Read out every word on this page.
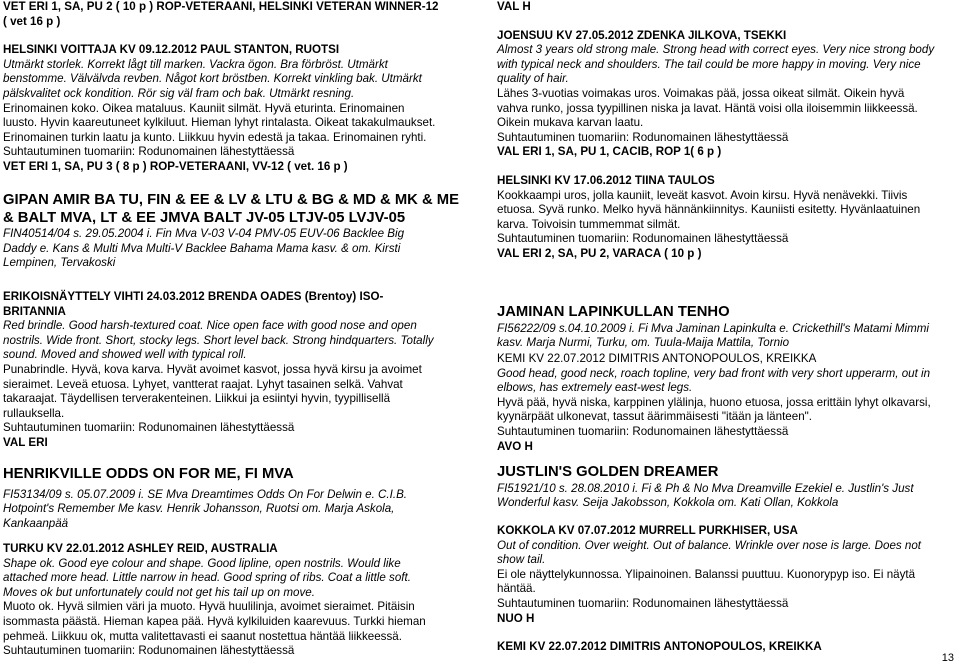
VET ERI 1, SA, PU 2 ( 10 p ) ROP-VETERAANI, HELSINKI VETERAN WINNER-12

( vet 16 p )

HELSINKI VOITTAJA KV 09.12.2012 PAUL STANTON, RUOTSI

Utmärkt storlek. Korrekt lågt till marken. Vackra ögon. Bra förbröst. Utmärkt

benstomme. Välvälvda revben. Något kort bröstben. Korrekt vinkling bak. Utmärkt

pälskvalitet ock kondition. Rör sig väl fram och bak. Utmärkt resning.

Erinomainen koko. Oikea mataluus. Kauniit silmät. Hyvä eturinta. Erinomainen

luusto. Hyvin kaareutuneet kylkiluut. Hieman lyhyt rintalasta. Oikeat takakulmaukset.

Erinomainen turkin laatu ja kunto. Liikkuu hyvin edestä ja takaa. Erinomainen ryhti.

Suhtautuminen tuomariin: Rodunomainen lähestyttäessä

VET ERI 1, SA, PU 3 ( 8 p ) ROP-VETERAANI, VV-12 ( vet. 16 p )

GIPAN AMIR BA TU, FIN & EE & LV & LTU & BG & MD & MK & ME

& BALT MVA, LT & EE JMVA BALT JV-05 LTJV-05 LVJV-05

FIN40514/04 s. 29.05.2004 i. Fin Mva V-03 V-04 PMV-05 EUV-06 Backlee Big

Daddy e. Kans & Multi Mva Multi-V Backlee Bahama Mama kasv. & om. Kirsti

Lempinen, Tervakoski

ERIKOISNÄYTTELY VIHTI 24.03.2012 BRENDA OADES (Brentoy) ISO-

BRITANNIA

Red brindle. Good harsh-textured coat. Nice open face with good nose and open

nostrils. Wide front. Short, stocky legs. Short level back. Strong hindquarters. Totally

sound. Moved and showed well with typical roll.

Punabrindle. Hyvä, kova karva. Hyvät avoimet kasvot, jossa hyvä kirsu ja avoimet

sieraimet. Leveä etuosa. Lyhyet, vantterat raajat. Lyhyt tasainen selkä. Vahvat

takaraajat. Täydellisen terverakenteinen. Liikkui ja esiintyi hyvin, tyypillisellä

rullauksella.

Suhtautuminen tuomariin: Rodunomainen lähestyttäessä

VAL ERI

HENRIKVILLE ODDS ON FOR ME, FI MVA

FI53134/09 s. 05.07.2009 i. SE Mva Dreamtimes Odds On For Delwin e. C.I.B.

Hotpoint's Remember Me kasv. Henrik Johansson, Ruotsi om. Marja Askola,

Kankaanpää

TURKU KV 22.01.2012 ASHLEY REID, AUSTRALIA

Shape ok. Good eye colour and shape. Good lipline, open nostrils. Would like

attached more head. Little narrow in head. Good spring of ribs. Coat a little soft.

Moves ok but unfortunately could not get his tail up on move.

Muoto ok. Hyvä silmien väri ja muoto. Hyvä huulilinja, avoimet sieraimet. Pitäisin

isommasta päästä. Hieman kapea pää. Hyvä kylkiluiden kaarevuus. Turkki hieman

pehmeä. Liikkuu ok, mutta valitettavasti ei saanut nostettua häntää liikkeessä.

Suhtautuminen tuomariin: Rodunomainen lähestyttäessä

VAL H

JOENSUU KV 27.05.2012 ZDENKA JILKOVA, TSEKKI

Almost 3 years old strong male. Strong head with correct eyes. Very nice strong body

with typical neck and shoulders. The tail could be more happy in moving. Very nice

quality of hair.

Lähes 3-vuotias voimakas uros. Voimakas pää, jossa oikeat silmät. Oikein hyvä

vahva runko, jossa tyypillinen niska ja lavat. Häntä voisi olla iloisemmin liikkeessä.

Oikein mukava karvan laatu.

Suhtautuminen tuomariin: Rodunomainen lähestyttäessä

VAL ERI 1, SA, PU 1, CACIB, ROP 1( 6 p )

HELSINKI KV 17.06.2012 TIINA TAULOS

Kookkaampi uros, jolla kauniit, leveät kasvot. Avoin kirsu. Hyvä nenävekki. Tiivis

etuosa. Syvä runko. Melko hyvä hännänkiinnitys. Kauniisti esitetty. Hyvänlaatuinen

karva. Toivoisin tummemmat silmät.

Suhtautuminen tuomariin: Rodunomainen lähestyttäessä

VAL ERI 2, SA, PU 2, VARACA ( 10 p )

JAMINAN LAPINKULLAN TENHO

FI56222/09 s.04.10.2009 i. Fi Mva Jaminan Lapinkulta e. Crickethill's Matami Mimmi

kasv. Marja Nurmi, Turku, om. Tuula-Maija Mattila, Tornio

KEMI KV 22.07.2012 DIMITRIS ANTONOPOULOS, KREIKKA

Good head, good neck, roach topline, very bad front with very short upperarm, out in

elbows, has extremely east-west legs.

Hyvä pää, hyvä niska, karppinen ylälinja, huono etuosa, jossa erittäin lyhyt olkavarsi,

kyynärpäät ulkonevat, tassut äärimmäisesti "itään ja länteen".

Suhtautuminen tuomariin: Rodunomainen lähestyttäessä

AVO H

JUSTLIN'S GOLDEN DREAMER

FI51921/10 s. 28.08.2010 i. Fi & Ph & No Mva Dreamville Ezekiel e. Justlin's Just

Wonderful kasv. Seija Jakobsson, Kokkola om. Kati Ollan, Kokkola

KOKKOLA KV 07.07.2012 MURRELL PURKHISER, USA

Out of condition. Over weight. Out of balance. Wrinkle over nose is large. Does not

show tail.

Ei ole näyttelykunnossa. Ylipainoinen. Balanssi puuttuu. Kuonorypyp iso. Ei näytä

häntää.

Suhtautuminen tuomariin: Rodunomainen lähestyttäessä

NUO H

KEMI KV 22.07.2012 DIMITRIS ANTONOPOULOS, KREIKKA

13
